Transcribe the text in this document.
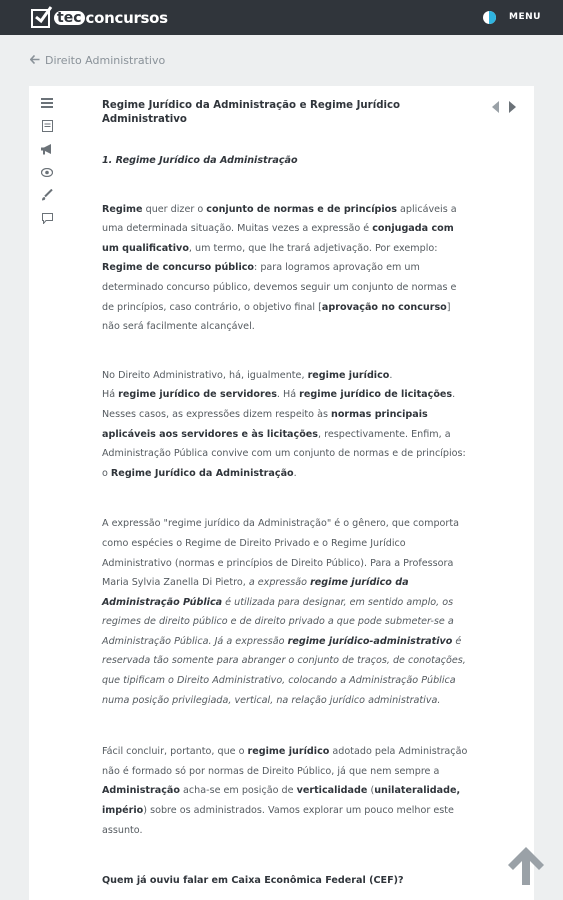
tec concursos	MENU
Direito Administrativo

Regime Jurídico da Administração e Regime Jurídico Administrativo

1. Regime Jurídico da Administração

Regime quer dizer o conjunto de normas e de princípios aplicáveis a uma determinada situação. Muitas vezes a expressão é conjugada com um qualificativo, um termo, que lhe trará adjetivação. Por exemplo: Regime de concurso público: para logramos aprovação em um determinado concurso público, devemos seguir um conjunto de normas e de princípios, caso contrário, o objetivo final [aprovação no concurso] não será facilmente alcançável.

No Direito Administrativo, há, igualmente, regime jurídico.

Há regime jurídico de servidores. Há regime jurídico de licitações. Nesses casos, as expressões dizem respeito às normas principais aplicáveis aos servidores e às licitações, respectivamente. Enfim, a Administração Pública convive com um conjunto de normas e de princípios: o Regime Jurídico da Administração.

A expressão "regime jurídico da Administração" é o gênero, que comporta como espécies o Regime de Direito Privado e o Regime Jurídico Administrativo (normas e princípios de Direito Público). Para a Professora Maria Sylvia Zanella Di Pietro, a expressão regime jurídico da Administração Pública é utilizada para designar, em sentido amplo, os regimes de direito público e de direito privado a que pode submeter-se a Administração Pública. Já a expressão regime jurídico-administrativo é reservada tão somente para abranger o conjunto de traços, de conotações, que tipificam o Direito Administrativo, colocando a Administração Pública numa posição privilegiada, vertical, na relação jurídico administrativa.

Fácil concluir, portanto, que o regime jurídico adotado pela Administração não é formado só por normas de Direito Público, já que nem sempre a Administração acha-se em posição de verticalidade (unilateralidade, império) sobre os administrados. Vamos explorar um pouco melhor este assunto.

Quem já ouviu falar em Caixa Econômica Federal (CEF)?
